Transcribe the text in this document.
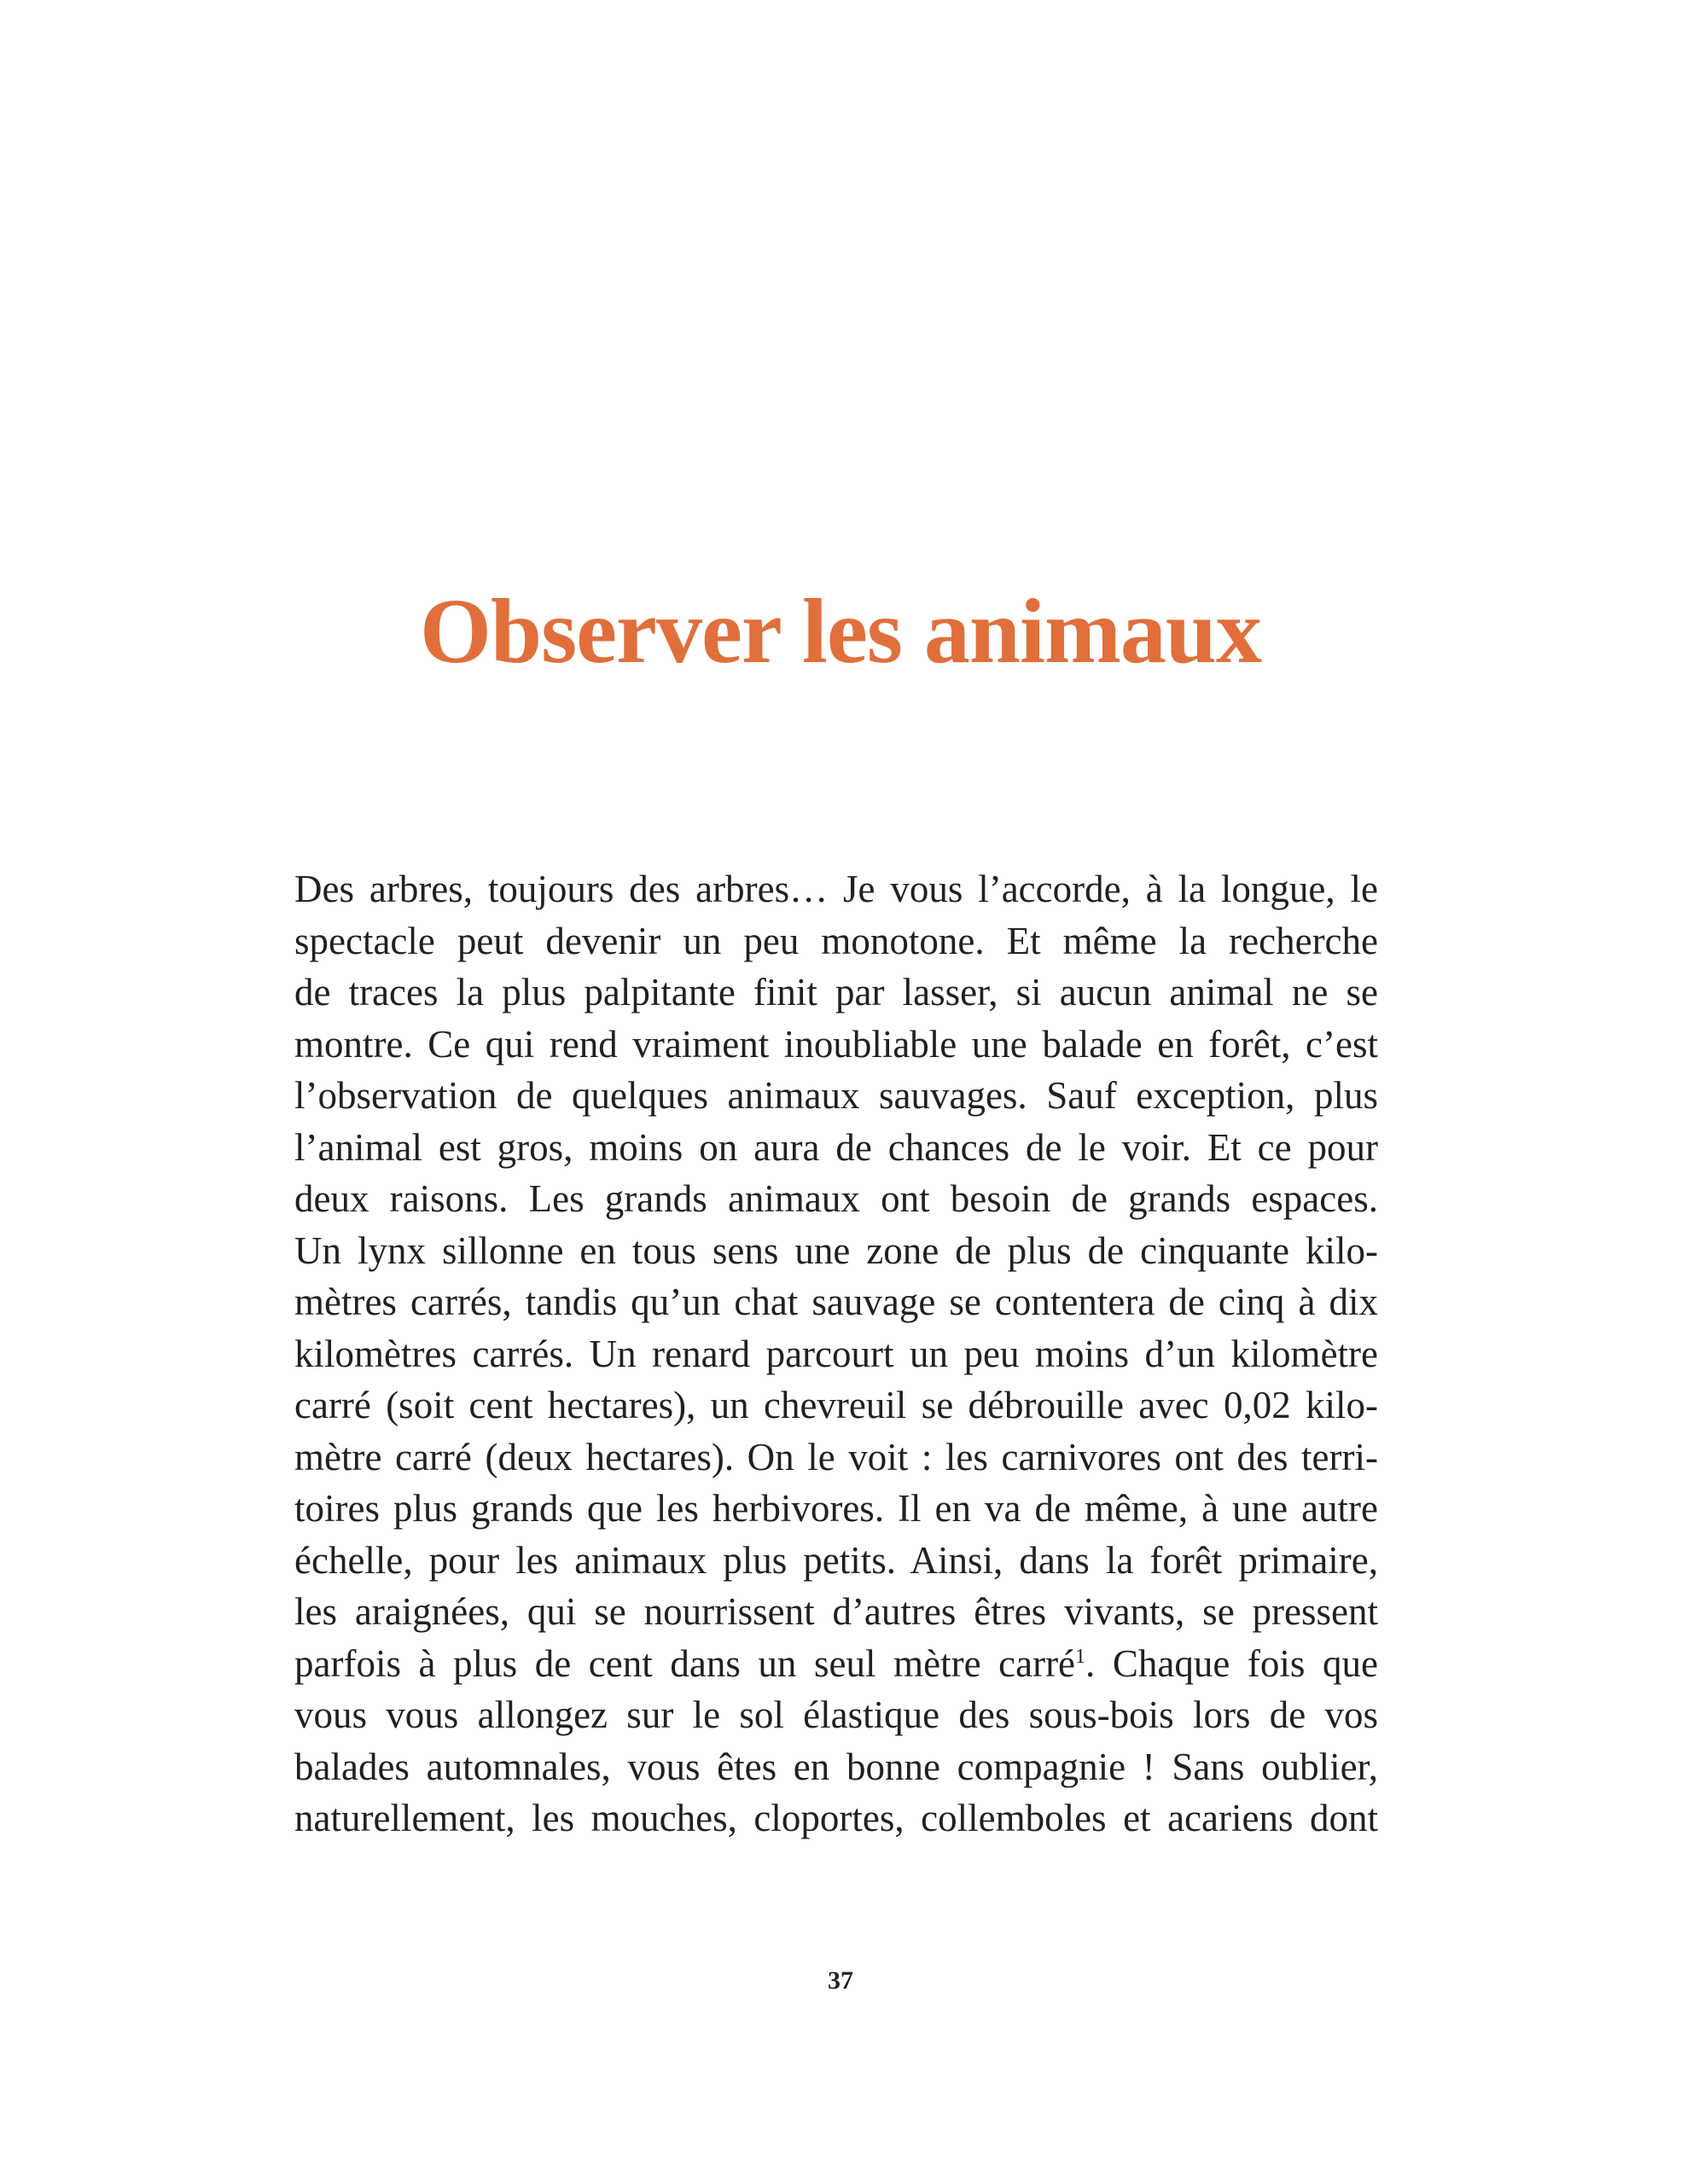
Observer les animaux
Des arbres, toujours des arbres… Je vous l’accorde, à la longue, le
spectacle peut devenir un peu monotone. Et même la recherche
de traces la plus palpitante finit par lasser, si aucun animal ne se
montre. Ce qui rend vraiment inoubliable une balade en forêt, c’est
l’observation de quelques animaux sauvages. Sauf exception, plus
l’animal est gros, moins on aura de chances de le voir. Et ce pour
deux raisons. Les grands animaux ont besoin de grands espaces.
Un lynx sillonne en tous sens une zone de plus de cinquante kilo-
mètres carrés, tandis qu’un chat sauvage se contentera de cinq à dix
kilomètres carrés. Un renard parcourt un peu moins d’un kilomètre
carré (soit cent hectares), un chevreuil se débrouille avec 0,02 kilo-
mètre carré (deux hectares). On le voit : les carnivores ont des terri-
toires plus grands que les herbivores. Il en va de même, à une autre
échelle, pour les animaux plus petits. Ainsi, dans la forêt primaire,
les araignées, qui se nourrissent d’autres êtres vivants, se pressent
parfois à plus de cent dans un seul mètre carré$^1$. Chaque fois que
vous vous allongez sur le sol élastique des sous-bois lors de vos
balades automnales, vous êtes en bonne compagnie ! Sans oublier,
naturellement, les mouches, cloportes, collemboles et acariens dont
37
